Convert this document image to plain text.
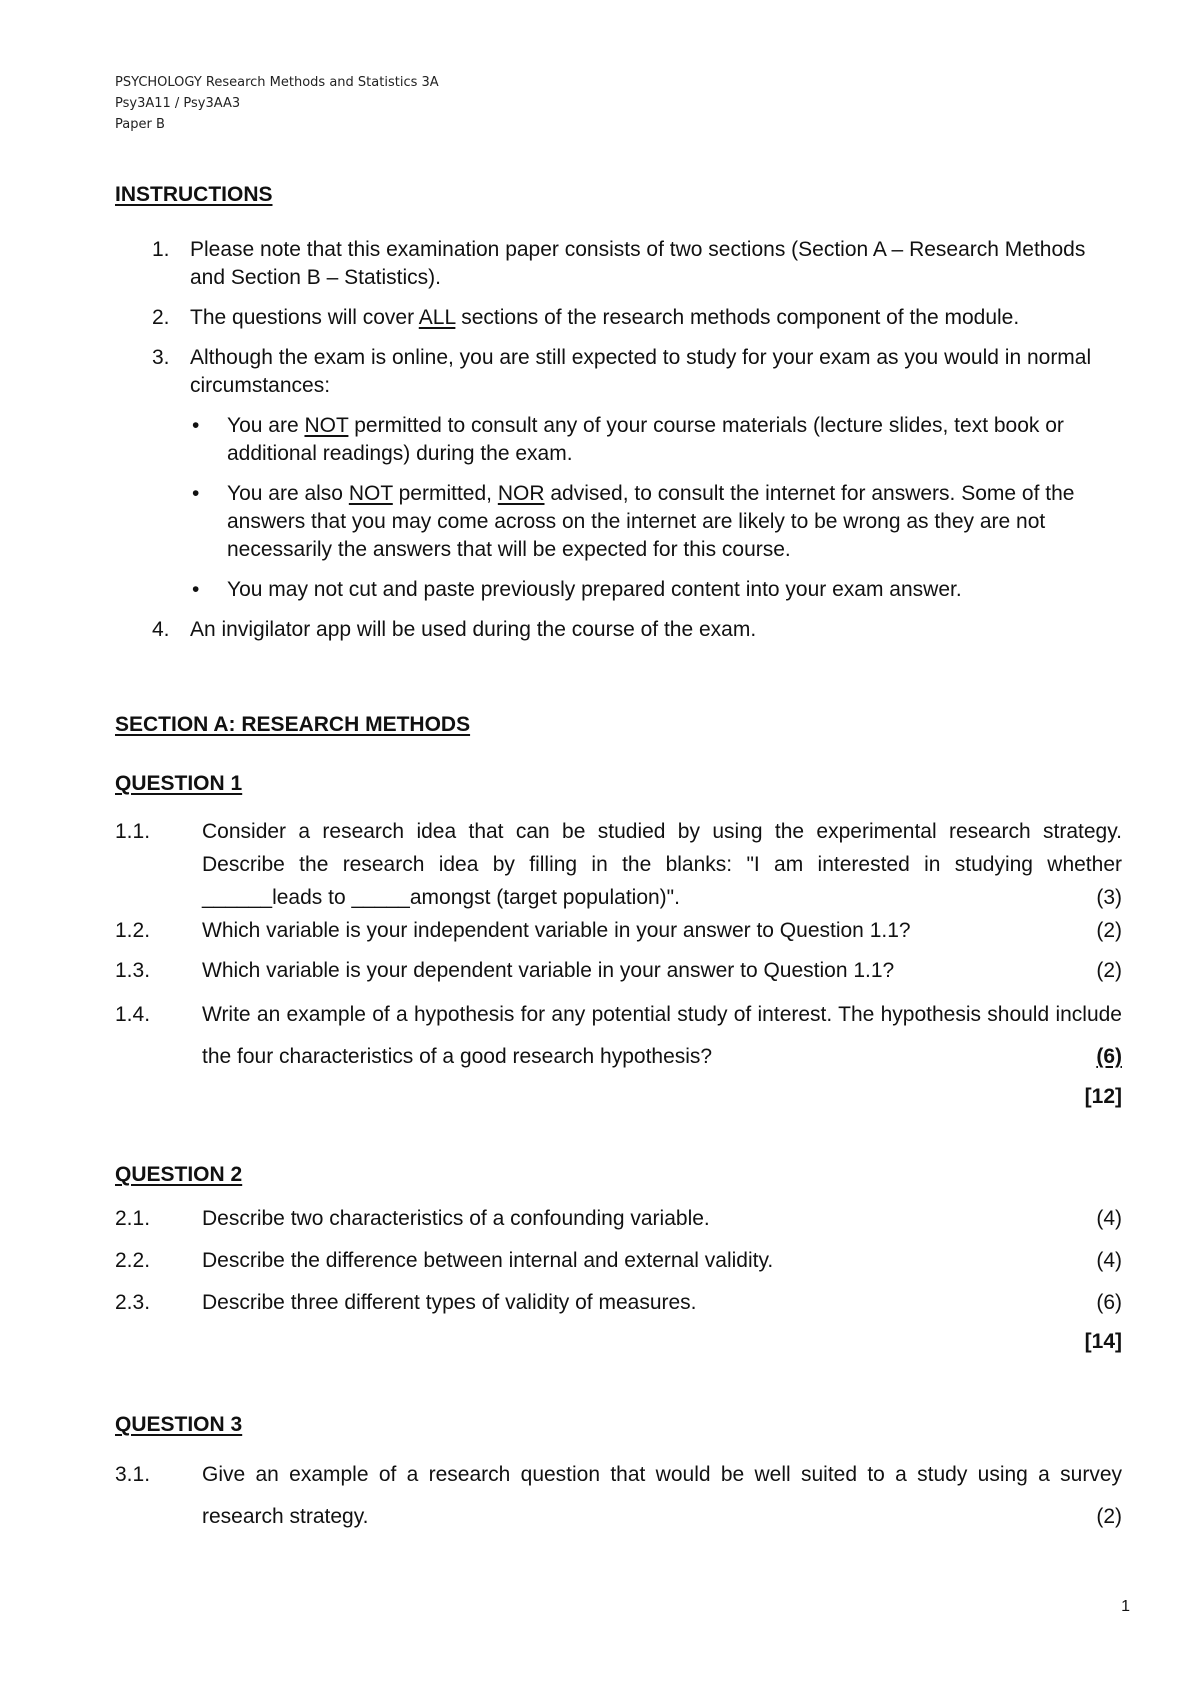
PSYCHOLOGY Research Methods and Statistics 3A
Psy3A11 / Psy3AA3
Paper B
INSTRUCTIONS
1. Please note that this examination paper consists of two sections (Section A – Research Methods and Section B – Statistics).
2. The questions will cover ALL sections of the research methods component of the module.
3. Although the exam is online, you are still expected to study for your exam as you would in normal circumstances:
• You are NOT permitted to consult any of your course materials (lecture slides, text book or additional readings) during the exam.
• You are also NOT permitted, NOR advised, to consult the internet for answers. Some of the answers that you may come across on the internet are likely to be wrong as they are not necessarily the answers that will be expected for this course.
• You may not cut and paste previously prepared content into your exam answer.
4. An invigilator app will be used during the course of the exam.
SECTION A: RESEARCH METHODS
QUESTION 1
1.1. Consider a research idea that can be studied by using the experimental research strategy. Describe the research idea by filling in the blanks: "I am interested in studying whether ______leads to _____amongst (target population)".	(3)
1.2. Which variable is your independent variable in your answer to Question 1.1?	(2)
1.3. Which variable is your dependent variable in your answer to Question 1.1?	(2)
1.4. Write an example of a hypothesis for any potential study of interest. The hypothesis should include the four characteristics of a good research hypothesis?	(6)
[12]
QUESTION 2
2.1. Describe two characteristics of a confounding variable.	(4)
2.2. Describe the difference between internal and external validity.	(4)
2.3. Describe three different types of validity of measures.	(6)
[14]
QUESTION 3
3.1. Give an example of a research question that would be well suited to a study using a survey research strategy.	(2)
1
